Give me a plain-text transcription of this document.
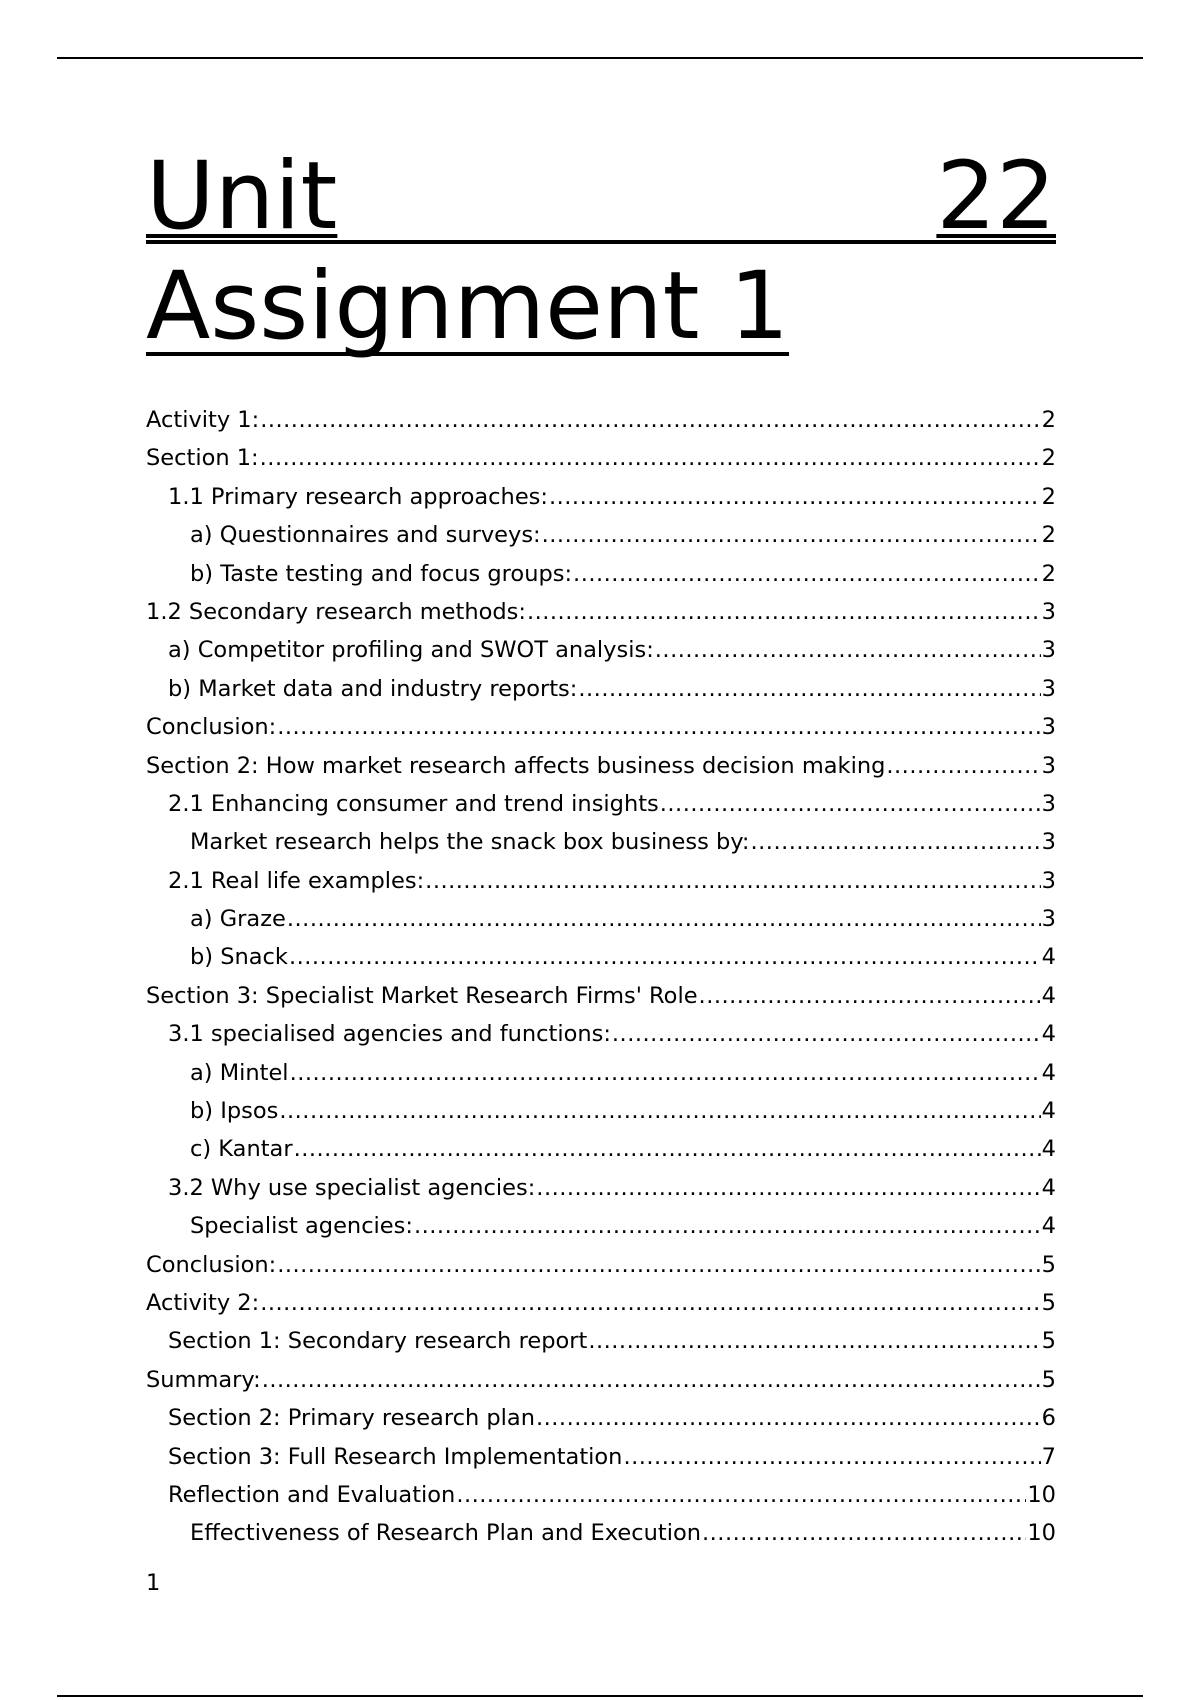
Unit	22
Assignment 1
Activity 1: .....	2
Section 1: .....	2
1.1 Primary research approaches: .....	2
a) Questionnaires and surveys: .....	2
b) Taste testing and focus groups: .....	2
1.2 Secondary research methods: .....	3
a) Competitor profiling and SWOT analysis: .....	3
b) Market data and industry reports: .....	3
Conclusion: .....	3
Section 2: How market research affects business decision making .....	3
2.1 Enhancing consumer and trend insights .....	3
Market research helps the snack box business by: .....	3
2.1 Real life examples: .....	3
a) Graze .....	3
b) Snack .....	4
Section 3: Specialist Market Research Firms' Role .....	4
3.1 specialised agencies and functions: .....	4
a) Mintel .....	4
b) Ipsos .....	4
c) Kantar .....	4
3.2 Why use specialist agencies: .....	4
Specialist agencies: .....	4
Conclusion: .....	5
Activity 2: .....	5
Section 1: Secondary research report .....	5
Summary: .....	5
Section 2: Primary research plan .....	6
Section 3: Full Research Implementation .....	7
Reflection and Evaluation .....	10
Effectiveness of Research Plan and Execution .....	10
1
